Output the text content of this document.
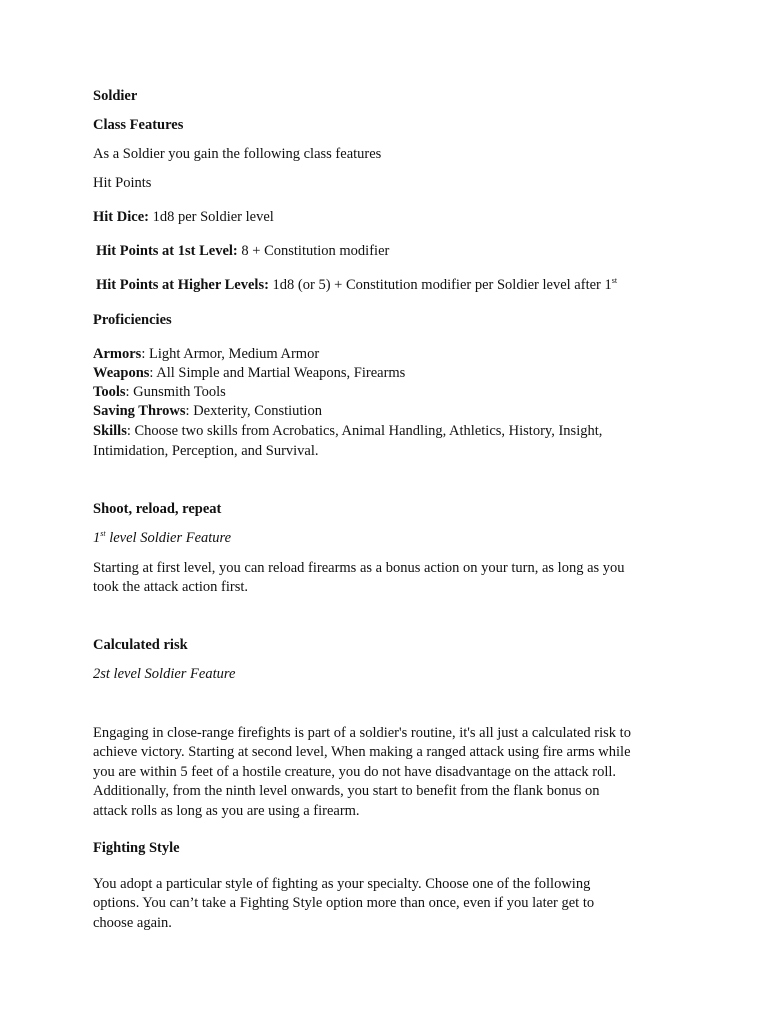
Soldier
Class Features
As a Soldier you gain the following class features
Hit Points
Hit Dice: 1d8 per Soldier level
Hit Points at 1st Level: 8 + Constitution modifier
Hit Points at Higher Levels: 1d8 (or 5) + Constitution modifier per Soldier level after 1st
Proficiencies
Armors: Light Armor, Medium Armor
Weapons: All Simple and Martial Weapons, Firearms
Tools: Gunsmith Tools
Saving Throws: Dexterity, Constiution
Skills: Choose two skills from Acrobatics, Animal Handling, Athletics, History, Insight,
Intimidation, Perception, and Survival.
Shoot, reload, repeat
1st level Soldier Feature
Starting at first level, you can reload firearms as a bonus action on your turn, as long as you
took the attack action first.
Calculated risk
2st level Soldier Feature
Engaging in close-range firefights is part of a soldier's routine, it's all just a calculated risk to
achieve victory. Starting at second level, When making a ranged attack using fire arms while
you are within 5 feet of a hostile creature, you do not have disadvantage on the attack roll.
Additionally, from the ninth level onwards, you start to benefit from the flank bonus on
attack rolls as long as you are using a firearm.
Fighting Style
You adopt a particular style of fighting as your specialty. Choose one of the following
options. You can’t take a Fighting Style option more than once, even if you later get to
choose again.
